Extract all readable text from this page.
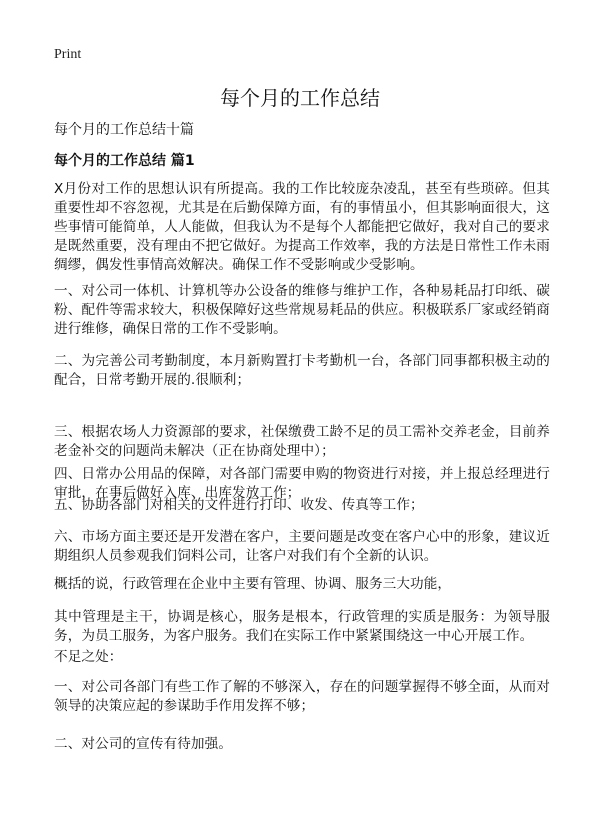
Print
每个月的工作总结
每个月的工作总结十篇
每个月的工作总结 篇1
X月份对工作的思想认识有所提高。我的工作比较庞杂凌乱，甚至有些琐碎。但其重要性却不容忽视，尤其是在后勤保障方面，有的事情虽小，但其影响面很大，这些事情可能简单，人人能做，但我认为不是每个人都能把它做好，我对自己的要求是既然重要，没有理由不把它做好。为提高工作效率，我的方法是日常性工作未雨绸缪，偶发性事情高效解决。确保工作不受影响或少受影响。
一、对公司一体机、计算机等办公设备的维修与维护工作，各种易耗品打印纸、碳粉、配件等需求较大，积极保障好这些常规易耗品的供应。积极联系厂家或经销商进行维修，确保日常的工作不受影响。
二、为完善公司考勤制度，本月新购置打卡考勤机一台，各部门同事都积极主动的配合，日常考勤开展的.很顺利；
三、根据农场人力资源部的要求，社保缴费工龄不足的员工需补交养老金，目前养老金补交的问题尚未解决（正在协商处理中）；
四、日常办公用品的保障，对各部门需要申购的物资进行对接，并上报总经理进行审批，在事后做好入库、出库发放工作；
五、协助各部门对相关的文件进行打印、收发、传真等工作；
六、市场方面主要还是开发潜在客户，主要问题是改变在客户心中的形象，建议近期组织人员参观我们饲料公司，让客户对我们有个全新的认识。
概括的说，行政管理在企业中主要有管理、协调、服务三大功能，
其中管理是主干，协调是核心，服务是根本，行政管理的实质是服务：为领导服务，为员工服务，为客户服务。我们在实际工作中紧紧围绕这一中心开展工作。
不足之处：
一、对公司各部门有些工作了解的不够深入，存在的问题掌握得不够全面，从而对领导的决策应起的参谋助手作用发挥不够；
二、对公司的宣传有待加强。
